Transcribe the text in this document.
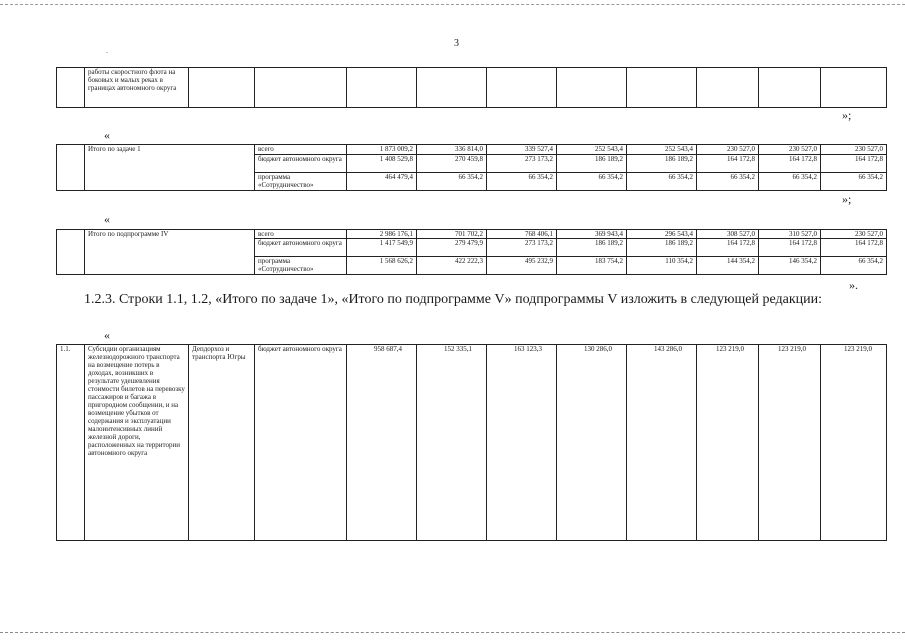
3
.
	работы скоростного флота на боковых и малых реках в границах автономного округа										
»;
«
	Итого по задаче 1	всего	1 873 009,2	336 814,0	339 527,4	252 543,4	252 543,4	230 527,0	230 527,0	230 527,0
		бюджет автономного округа	1 408 529,8	270 459,8	273 173,2	186 189,2	186 189,2	164 172,8	164 172,8	164 172,8
		программа «Сотрудничество»	464 479,4	66 354,2	66 354,2	66 354,2	66 354,2	66 354,2	66 354,2	66 354,2
»;
«
	Итого по подпрограмме IV	всего	2 986 176,1	701 702,2	768 406,1	369 943,4	296 543,4	308 527,0	310 527,0	230 527,0
		бюджет автономного округа	1 417 549,9	279 479,9	273 173,2	186 189,2	186 189,2	164 172,8	164 172,8	164 172,8
		программа «Сотрудничество»	1 568 626,2	422 222,3	495 232,9	183 754,2	110 354,2	144 354,2	146 354,2	66 354,2
».
1.2.3. Строки 1.1, 1.2, «Итого по задаче 1», «Итого по подпрограмме V» подпрограммы V изложить в следующей редакции:
«
1.1.	Субсидии организациям железнодорожного транспорта на возмещение потерь в доходах, возникших в результате удешевления стоимости билетов на перевозку пассажиров и багажа в пригородном сообщении, и на возмещение убытков от содержания и эксплуатации малоинтенсивных линий железной дороги, расположенных на территории автономного округа	Депдорхоз и транспорта Югры	бюджет автономного округа	958 687,4	152 335,1	163 123,3	130 286,0	143 286,0	123 219,0	123 219,0	123 219,0
